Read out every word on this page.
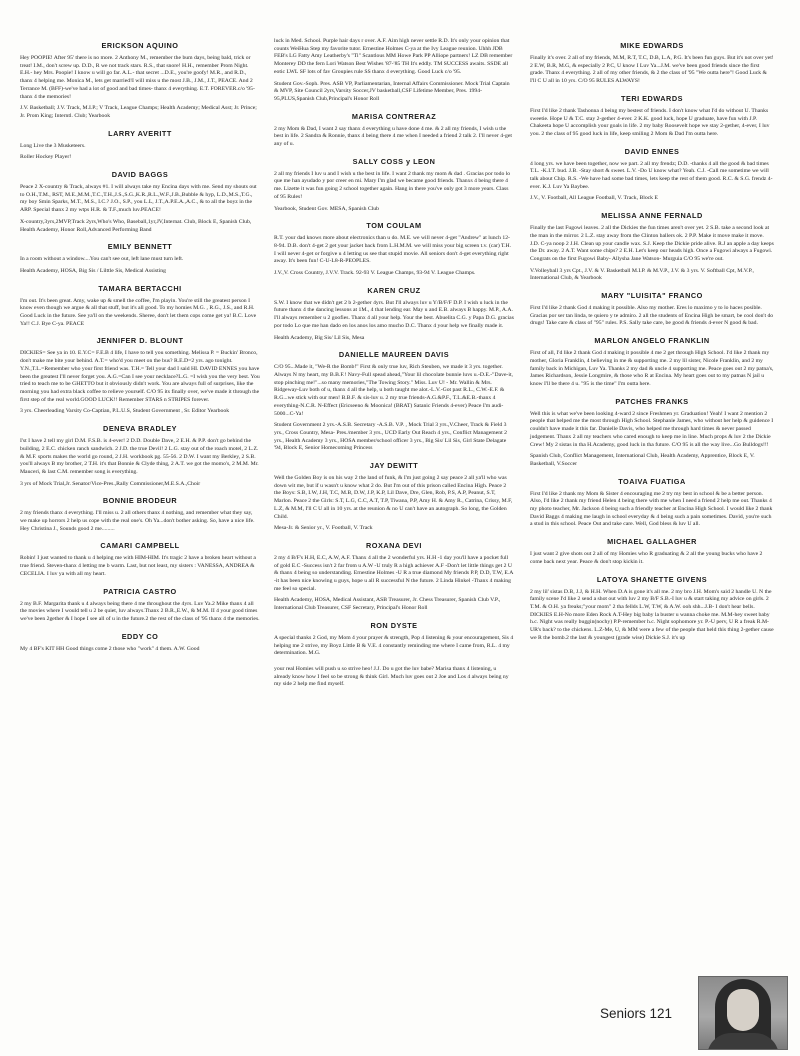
ERICKSON AQUINO

Hey POOPIE! After 95' there is no more. 2 Anthony M., remember the bum days, being bald, trick or treat! I.M., don't screw up. D.D., R we not track stars. R.S., that snore! H.H., remember Prom Night. E.H.- hey Mrs. Poopie! I know u will go far. A.L.- that secret ...D.E., you're goofy! M.R., and R.D., thanx 4 helping me. Monica M., lets get married!I will miss u the most J.B., J.M., J.T., PEACE. And 2 Terrance M. (BFF)-we've had a lot of good and bad times- thanx 4 everything. E.T. FOREVER.c/o '95-thanx 4 the memories!

J.V. Basketball; J.V. Track, M.I.P.; V Track, League Champs; Health Academy; Medical Asst; Jr. Prince; Jr. Prom King; Interntl. Club; Yearbook

LARRY AVERITT

Long Live the 3 Musketeers.

Roller Hockey Player!

DAVID BAGGS

Peace 2 X-country & Track, always #1. I will always take my Encina days with me. Send my shouts out to O.H.,T.M., RST, M.E.,M.M.,T.C.,T.H.,J.S.,S.G.,K.R.,R.L.,W.F.,J.B.,Bubble & hyp, L.D.,M.S.,T.G., my boy Smin Sparks, M.T., M.S., I.C.? J.O., S.P., you L.L, J.T.,A.P.E.A.,A.C., & to all the boyz in the ARP. Special thanx 2 my wtps H.R. & T.F.,much luv.PEACE!

X-country,3yrs,2MVP,Track 2yrs,Who's Who, Baseball,1yr,JV,Internat. Club, Block E, Spanish Club, Health Academy, Honor Roll,Advanced Performing Band

EMILY BENNETT

In a room without a window....You can't see out, left lane must turn left.

Health Academy, HOSA, Big Sis / Lilttle Sis, Medical Assisting

TAMARA BERTACCHI

I'm out. It's been great. Amy, wake up & smell the coffee, I'm playin. You're still the greatest person I know even though we argue & all that stuff, but it's all good. To my homies M.G. , R.G., J.S., and R.H. Good Luck in the future. See ya'll on the weekends. Sheree, don't let them cops come get ya! B.C. Love Ya!! C.J. Bye C-ya. PEACE

JENNIFER D. BLOUNT

DICKIES= See ya in 10. E.Y.C= F.E.B 4 life, I have to tell you something. Melissa P. = Buckin' Bronco, don't make me bite your behind. A.T.= who'd you meet on the bus? R.E.D=2 yrs. ago tonight. Y.N.,T.L.=Remember who your first friend was. T.H.= Tell your dad I said HI. DAVID ENNES you have been the greatest I'll never forget you. A.G.=Can I see your necklace?L.G. =I wish you the very best. You tried to teach me to be GHETTO but it obviously didn't work. You are always full of surprises, like the morning you had extra black coffee to relieve yourself. C/O 95 its finally over, we've made it through the first step of the real world.GOOD LUCK!! Remember STARS n STRIPES forever.

3 yrs. Cheerleading Varsity Co-Captian, P.L.U.S, Student Government , Sr. Editor Yearbook

DENEVA BRADLEY

I'st I have 2 tell my girl D.M. F.S.B. is 4-ever! 2 D.D. Double Dave, 2 E.H. & P.P. don't go behind the building, 2 E.C. chicken ranch sandwich. 2 J.D. the true Devil! 2 L.G. stay out of the roach motel, 2 L.Z. & M.F. sports makes the world go round, 2 J.H. workbook pg. 55-56. 2 D.W. I want my Berkley, 2 S.B. you'll always B my brother, 2 T.H. it's that Bonnie & Clyde thing, 2 A.T. we got the momo's, 2 M.M. Mr. Mauceri, & last C.M. remember song is everything.

3 yrs of Mock Trial,Jr. Senator/Vice-Pres.,Rally Commissioner,M.E.S.A.,Choir

BONNIE BRODEUR

2 my friends thanx 4 everything. I'll miss u. 2 all others thanx 4 nothing, and remember what they say, we make up horrors 2 help us cope with the real one's. Oh Ya...don't bother asking. So, have a nice life. Hey Christina J., Sounds good 2 me.........

CAMARI CAMPBELL

Robin! I just wanted to thank u 4 helping me with HIM-HIM. It's tragic 2 have a broken heart without a true friend. Steven-thanx 4 letting me b warm. Last, but not least, my sisters : VANESSA, ANDREA & CECELIA. I luv ya with all my heart.

PATRICIA CASTRO

2 my B.F. Margarita thank u 4 always being there 4 me throughout the 4yrs. Luv Ya.2 Mike thanx 4 all the movies where I would tell u 2 be quiet, luv always.Thanx 2 B.R.,E.W., & M.M. II 4 your good times we've been 2gether & I hope I see all of u in the future.2 the rest of the class of '95 thanx 4 the memories.

EDDY CO

My 4 BF's KIT HH Good things come 2 those who "work" 4 them. A.W. Good

luck in Med. School. Purple hair days r over. A.F. Aim high never settle R.D. It's only your opinion that counts WeiHua Step my favorite tutor. Ernestine Holmes C-ya at the Ivy League reunion. Uhhh JDB FEB's LG Fatty Amy Leatherby's "Ti" Scantlous MM Howe Park PP Alliope partners! LZ DB remember Monterey DD the fern Lori Watson Best Wishes '87-'85 TH It's eddly. TM SUCCESS awaits. SSDE all eotic LWL SF lots of fav Groupies rule SS thanx 4 everything. Good Luck c/o '95.

Student Gov.-Soph. Pres. ASB VP, Parliamentarian, Internal Affairs Commissioner. Mock Trial Captain & MVP, Site Council 2yrs,Varsity Soccer,JV basketball,CSF Lifetime Member, Pres. 1994-95,PLUS,Spanish Club,Principal's Honor Roll

MARISA CONTRERAZ

2 my Mom & Dad, I want 2 say thanx 4 everything u have done 4 me. & 2 all my friends, I wish u the best in life. 2 Sandra & Ronnie, thanx 4 being there 4 me when I needed a friend 2 talk 2. I'll never 4-get any of u.

SALLY COSS y LEON

2 all my friends I luv u and I wish u the best in life. I want 2 thank my mom & dad . Gracias por todo lo que me han ayudado y por creer en mi. Mary I'm glad we became good friends. Thanxs 4 being there 4 me. Lizette it was fun going 2 school together again. Hang in there you've only got 3 more years. Class of 95 Rules!

Yearbook, Student Gov. MESA, Spanish Club

TOM COULAM

R.T. your dad knows more about electronics than u do. M.E. we will never 4-get "Andrew" at lunch 12-8-94. D.B. don't 4-get 2 get your jacket back from L.H.M.M. we will miss your big screen t.v. (car) T.H. I will never 4-get or forgive u 4 letting us see that stupid movie. All seniors don't 4-get everything right away. It's been fun! C-U-L8-R-PEOPLES.

J.V.,V. Cross Country, J.V.V. Track. 92-93 V. League Champs, 93-94 V. League Champs.

KAREN CRUZ

S.W. I know that we didn't get 2 b 2-gether 4yrs. But I'll always luv u Y/B/F/F D.P. I wish u luck in the future thanx 4 the dancing lessons at 1M., 4 that lending ear. May u and E.B. always B happy. M.P., A.A. I'll always remember u 2 goofies. Thanx 4 all your help. Your the best. Abuelita C.G. y Papa D.G. gracias por todo Lo que me han dado en los anos los amo mucho D.C. Thanx 4 your help we finally made it.

Health Academy, Big Sis/ Lil Sis, Mesa

DANIELLE MAUREEN DAVIS

C/O 95...Made it, "We-R the Bomb!" First & only true luv, Rich Steuben, we made it 3 yrs. together. Always N my heart, my B.B.F.! Navy-Full spead ahead,"Your lil chocolate bunnie luvs u.-D.E.-"Dave-it, stop pinching me!"...so many memories,"The Towing Story." Miss. Luv U! - Mr. Wallin & Mrs. Ridgeway-Luv both of u, thanx 4 all the help, u both taught me alot.-L.V.-Got past R.L., C.W.-E.F. & R.G...we stick with our men! B.B.F. & sis-luv u. 2 my true friends-A.G.&P.F., T.L.&E.B.-thanx 4 everything-N.C.R. N-Effect (Ericseeno & Moonica! (BRAT) Satanic Friends 4-ever) Peace I'm audi-5000...C-Ya!

Student Government 2 yrs.-A.S.B. Secretary -A.S.B. V.P. , Mock Trial 3 yrs.,V.Cheer, Track & Field 3 yrs., Cross Country, Mesa- Pres./member 3 yrs., UCD Early Out Reach 4 yrs., Conflict Management 2 yrs., Health Academy 3 yrs., HOSA member/school officer 3 yrs., Big Sis/ Lil Sis, Girl State Delagate '94, Block E, Senior Homecoming Princess

JAY DEWITT

Well the Golden Boy is on his way 2 the land of funk, & I'm just going 2 say peace 2 all ya'll who was down wit me, but if u wasn't u know what 2 do. But I'm out of this prison called Encina High. Peace 2 the Boys: S.B, I.W, J.H, T.C, M.B, D.W, J.P, K.P, Lil Dave, Dre, Glen, Rob, P.S, A.P, Peanut, S.T, Marlon. Peace 2 the Girls: S.T, L.G, C.C, A.T, T.P, Tiwana, P.P, Amy H. & Amy R., Catrina, Crissy, M.F, L.Z, & M.M, I'll C U all in 10 yrs. at the reunion & no U can't have an autograph. So long, the Golden Child.

Mesa-Jr. & Senior yr., V. Football, V. Track

ROXANA DEVI

2 my 4 B/F's H.H, E.C, A.W, A.F. Thanx 4 all the 2 wonderful yrs. H.H -1 day you'll have a pocket full of gold E.C -Success isn't 2 far from u A.W -U truly R a high achiever A.F -Don't let little things get 2 U & thanx 4 being so understanding. Ernestine Holmes -U R a true diamond My friends P.P, D.D, T.W, E.A -it has been nice knowing u guys, hope u all R successful N the future. 2 Linda Hinkel -Thanx 4 making me feel so special.

Health Academy, HOSA, Medical Assistant, ASB Treasurer, Jr. Chess Treasurer, Spanish Club V.P., International Club Treasurer, CSF Secretary, Principal's Honor Roll

RON DYSTE

A special thanks 2 God, my Mom 4 your prayer & strength, Pop 4 listening & your encouragement, Sis 4 helping me 2 strive, my Boyz Little B & V.E. 4 constantly reminding me where I came from, R.L. 4 my determination. M.G.

your real Homies will push u so strive heo! J.J. Do u got the luv babe? Marisa thanx 4 listening, u already know how I feel so be strong & think Girl. Much luv goes out 2 Joe and Los 4 always being ny my side 2 help me find myself.

MIKE EDWARDS

Finally it's over. 2 all of my friends, M.M, R.T, T.C, D.B, L.A, P.G. It's been fun guys. But it's not over yet! 2 E.W, B.R, M.G, & especially 2 P.C, U know I Luv Ya...J.M. we've been good friends since the first grade. Thanx 4 everything. 2 all of my other friends, & 2 the class of '95 "We outta here"! Good Luck & I'll C U all in 10 yrs. C/O 95 RULES ALWAYS!

TERI EDWARDS

First I'd like 2 thank Tashonna 4 being my bestest of friends. I don't know what I'd do without U. Thanks sweetie. Hope U & T.C. stay 2-gether 4-ever. 2 K.K. good luck, hope U graduate, have fun with J.P. Chakeeta hope U accomplish your goals in life. 2 my baby Roosevelt hope we stay 2-gether, 4-ever, I luv you. 2 the class of 95 good luck in life, keep smiling 2 Mom & Dad I'm outta here.

DAVID ENNES

4 long yrs. we have been together, now we part. 2 all my frendz; D.D. -thanks 4 all the good & bad times T.L. -K.I.T. bud. J.B. -Stay short & sweet. L.V. -Do U know what? Yeah. C.J. -Call me sometime we will talk about Chip. R.S. -We have had some bad times, lets keep the rest of them good. R.C. & S.G. frendz 4-ever. K.J. Luv Ya Baybee.

J.V., V. Football, All League Football, V. Track, Block E

MELISSA ANNE FERNALD

Finally the last Fugowi leaves. 2 all the Dickies the fun times aren't over yet. 2 S.B. take a second look at the man in the mirror. 2 L.Z. stay away from the Clinton ballers ok. 2 P.P. Make it move make it move. J.D. C-ya noop 2 J.H. Clean up your candle wax. S.J. Keep the Dickie pride alive. R.J an apple a day keeps the Dr. away. 2 A.T. Want some chips? 2 E.H. Let's keep our heads high. Once a Fugowi always a Fugowi. Congrats on the first Fugowi Baby- Allysha Jane Watson- Murguia C/O 95 we're out.

V.Volleyball 3 yrs Cpt., J.V. & V. Basketball M.I.P. & M.V.P., J.V. & 3 yrs. V. Softball Cpt, M.V.P., International Club, & Yearbook

MARY "LUISITA" FRANCO

First I'd like 2 thank God 4 making it possible. Also my mother. Eres lo maximo y to lo haces posible. Gracias por ser tan linda, te quiero y te admiro. 2 all the students of Encina High be smart, be cool don't do drugs! Take care & class of "95" rules. P.S. Sally take care, be good & friends 4-ever N good & bad.

MARLON ANGELO FRANKLIN

First of all, I'd like 2 thank God 4 making it possible 4 me 2 get through High School. I'd like 2 thank my mother, Gloria Franklin, 4 believing in me & supporting me. 2 my lil sister, Nicole Franklin, and 2 my family back in Michigan, Luv Ya. Thanks 2 my dad & uncle 4 supporting me. Peace goes out 2 my patna's, James Richardson, Jessie Longmire, & those who R at Encina. My heart goes out to my patnas N jail u know I'll be there 4 u. "95 is the time" I'm outta here.

PATCHES FRANKS

Well this is what we've been looking 4-ward 2 since Freshmen yr. Graduation! Yeah! I want 2 mention 2 people that helped me the most through High School. Stephanie James, who without her help & guidence I couldn't have made it this far. Danielle Davis, who helped me through hard times & never passed judgement. Thanx 2 all my teachers who cared enough to keep me in line. Much props & luv 2 the Dickie Crew! My 2 sistas in tha H.Academy, good luck in tha future. C/O 95 is all the way live...Go Bulldogs!!!

Spanish Club, Conflict Management, International Club, Health Academy, Apprentice, Block E, V. Basketball, V.Soccer

TOAIVA FUATIGA

First I'd like 2 thank my Mom & Sister 4 encouraging me 2 try my best in school & be a better person. Also, I'd like 2 thank my friend Helen 4 being there with me when I need a friend 2 help me out. Thanks 4 my photo teacher, Mr. Jackson 4 being such a friendly teacher at Encina High School. I would like 2 thank David Baggs 4 making me laugh in school everyday & 4 being such a pain sometimes. David, you're such a stud in this school. Peace Out and take care. Well, God bless & luv U all.

MICHAEL GALLAGHER

I just want 2 give shots out 2 all of my Homies who R graduating & 2 all the young bucks who have 2 come back next year. Peace & don't stop kickin it.

LATOYA SHANETTE GIVENS

2 my lil' sistas D.B, J.J, & H.H. When D.A is gone it's all me. 2 my bro J.H. Mom's said 2 handle U. N the family scene I'd like 2 send a shot out with luv 2 my B/F S.B.-I luv u & start taking my advice on girls. 2 T.M. & O.H. ya freaks;"your mom" 2 tha fellds L.W, T.W, & A.W. ooh shh...J.B- I don't hear bells. DICKIES E.H-No more Eden Rock A.T-Hey big baby la buster u wanna choke me. M.M-hey sweet baby h.c. Night was really buggin(nochy) P.P-remember h.c. Night sophomore yr. P.-U perv, U R a freak R.M-UR's back? to the chickens. L.Z-Me, U, & MM were a few of the people that held this thing 2-gether cause we R the bomb.2 the last & youngest (grade wise) Dickie S.J. it's up

Seniors 121
